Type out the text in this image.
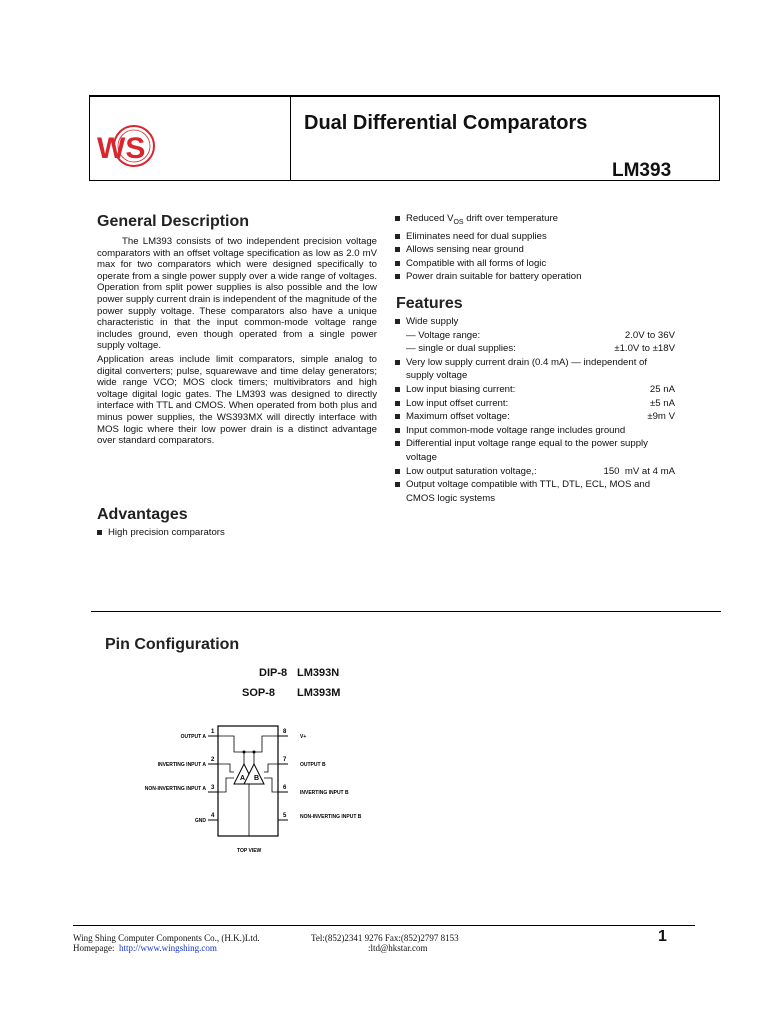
WS
Dual Differential Comparators
LM393
General Description

The LM393 consists of two independent precision voltage comparators with an offset voltage specification as low as 2.0 mV max for two comparators which were designed specifically to operate from a single power supply over a wide range of voltages. Operation from split power supplies is also possible and the low power supply current drain is independent of the magnitude of the power supply voltage. These comparators also have a unique characteristic in that the input common-mode voltage range includes ground, even though operated from a single power supply voltage.

Application areas include limit comparators, simple analog to digital converters; pulse, squarewave and time delay generators; wide range VCO; MOS clock timers; multivibrators and high voltage digital logic gates. The LM393 was designed to directly interface with TTL and CMOS. When operated from both plus and minus power supplies, the WS393MX will directly interface with MOS logic where their low power drain is a distinct advantage over standard comparators.

Advantages
High precision comparators
Reduced $V_{OS}$ drift over temperature
Eliminates need for dual supplies
Allows sensing near ground
Compatible with all forms of logic
Power drain suitable for battery operation
Features
Wide supply
— Voltage range:	2.0V to 36V
— single or dual supplies:	±1.0V to ±18V
Very low supply current drain (0.4 mA) — independent of supply voltage
Low input biasing current:	25 nA
Low input offset current:	±5 nA
Maximum offset voltage:	±9m V
Input common-mode voltage range includes ground
Differential input voltage range equal to the power supply voltage
Low output saturation voltage,:	150 mV at 4 mA
Output voltage compatible with TTL, DTL, ECL, MOS and CMOS logic systems
Pin Configuration
DIP-8 LM393N
SOP-8 LM393M
A B
1
2
3
4
8
7
6
5
OUTPUT A
INVERTING INPUT A
NON-INVERTING INPUT A
GND
V+
OUTPUT B
INVERTING INPUT B
NON-INVERTING INPUT B
TOP VIEW
Wing Shing Computer Components Co., (H.K.)Ltd.
Homepage: http://www.wingshing.com
Tel:(852)2341 9276 Fax:(852)2797 8153
:ltd@hkstar.com
1
